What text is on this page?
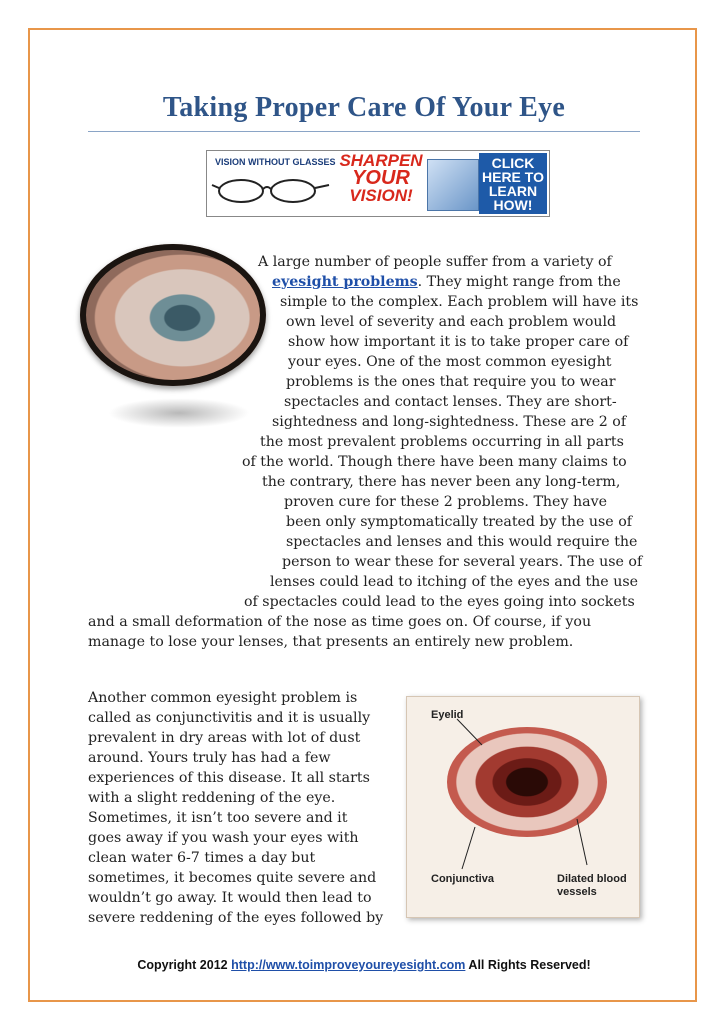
Taking Proper Care Of Your Eye
VISION WITHOUT GLASSES SHARPEN
YOUR
VISION!
CLICK
HERE TO
LEARN
HOW!
A large number of people suffer from a variety of
eyesight problems. They might range from the
simple to the complex. Each problem will have its
own level of severity and each problem would
show how important it is to take proper care of
your eyes. One of the most common eyesight
problems is the ones that require you to wear
spectacles and contact lenses. They are short-
sightedness and long-sightedness. These are 2 of
the most prevalent problems occurring in all parts
of the world. Though there have been many claims to
the contrary, there has never been any long-term,
proven cure for these 2 problems. They have
been only symptomatically treated by the use of
spectacles and lenses and this would require the
person to wear these for several years. The use of
lenses could lead to itching of the eyes and the use
of spectacles could lead to the eyes going into sockets
and a small deformation of the nose as time goes on. Of course, if you
manage to lose your lenses, that presents an entirely new problem.
Another common eyesight problem is
called as conjunctivitis and it is usually
prevalent in dry areas with lot of dust
around. Yours truly has had a few
experiences of this disease. It all starts
with a slight reddening of the eye.
Sometimes, it isn’t too severe and it
goes away if you wash your eyes with
clean water 6-7 times a day but
sometimes, it becomes quite severe and
wouldn’t go away. It would then lead to
severe reddening of the eyes followed by
Eyelid
Conjunctiva	Dilated blood
vessels
Copyright 2012 http://www.toimproveyoureyesight.com All Rights Reserved!
